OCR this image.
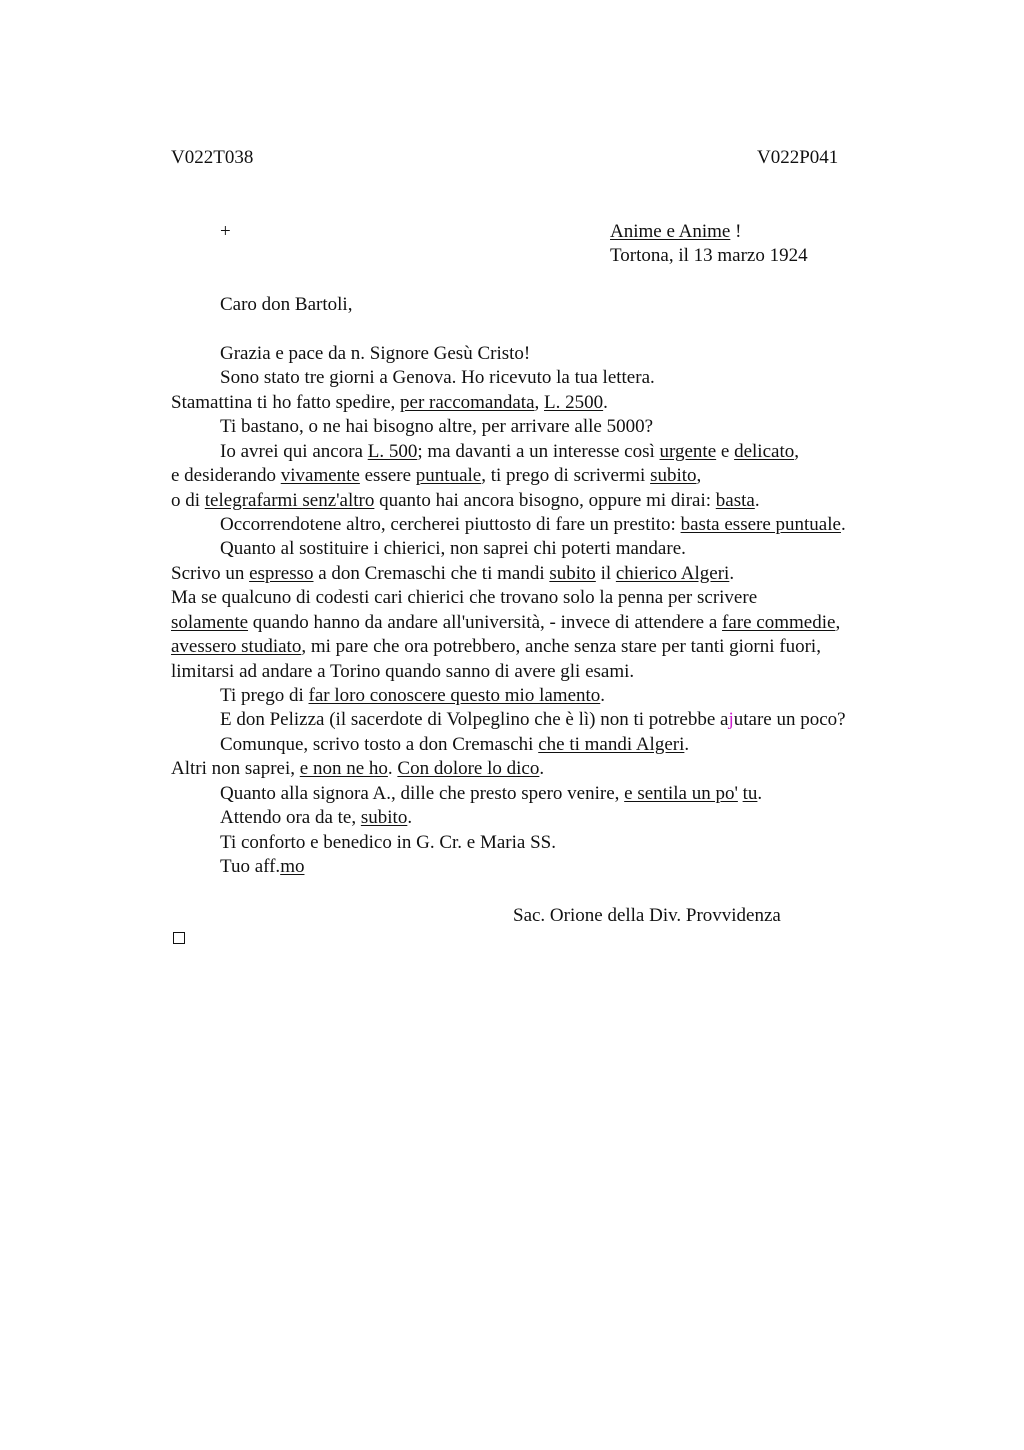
V022T038	V022P041
+	Anime e Anime !
Tortona, il 13 marzo 1924
Caro don Bartoli,
Grazia e pace da n. Signore Gesù Cristo!
Sono stato tre giorni a Genova. Ho ricevuto la tua lettera.
Stamattina ti ho fatto spedire, per raccomandata, L. 2500.
Ti bastano, o ne hai bisogno altre, per arrivare alle 5000?
Io avrei qui ancora L. 500; ma davanti a un interesse così urgente e delicato,
e desiderando vivamente essere puntuale, ti prego di scrivermi subito,
o di telegrafarmi senz'altro quanto hai ancora bisogno, oppure mi dirai: basta.
Occorrendotene altro, cercherei piuttosto di fare un prestito: basta essere puntuale.
Quanto al sostituire i chierici, non saprei chi poterti mandare.
Scrivo un espresso a don Cremaschi che ti mandi subito il chierico Algeri.
Ma se qualcuno di codesti cari chierici che trovano solo la penna per scrivere
solamente quando hanno da andare all'università, - invece di attendere a fare commedie,
avessero studiato, mi pare che ora potrebbero, anche senza stare per tanti giorni fuori,
limitarsi ad andare a Torino quando sanno di avere gli esami.
Ti prego di far loro conoscere questo mio lamento.
E don Pelizza (il sacerdote di Volpeglino che è lì) non ti potrebbe ajutare un poco?
Comunque, scrivo tosto a don Cremaschi che ti mandi Algeri.
Altri non saprei, e non ne ho. Con dolore lo dico.
Quanto alla signora A., dille che presto spero venire, e sentila un po' tu.
Attendo ora da te, subito.
Ti conforto e benedico in G. Cr. e Maria SS.
Tuo aff.mo
Sac. Orione della Div. Provvidenza
